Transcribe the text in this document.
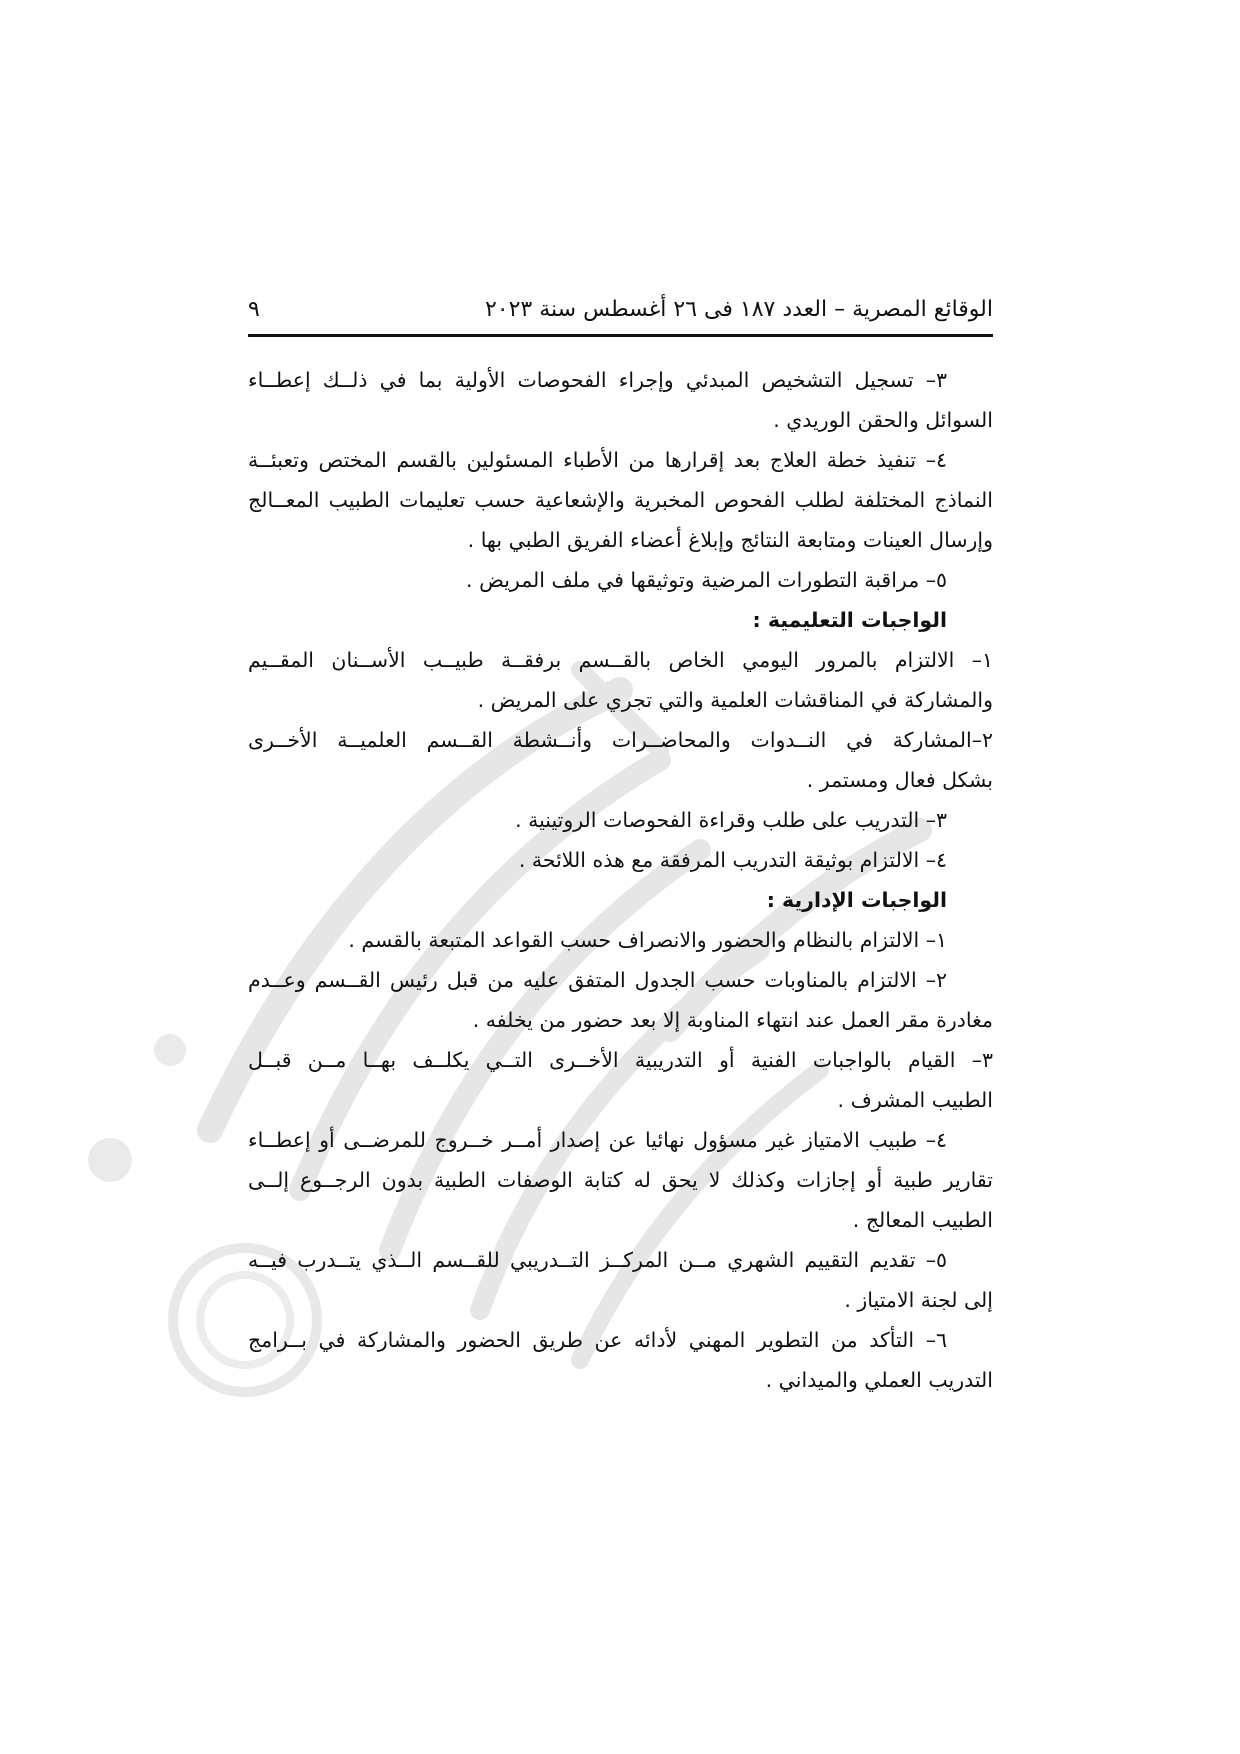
الوقائع المصرية – العدد ١٨٧ فى ٢٦ أغسطس سنة ٢٠٢٣
٩
٣– تسجيل التشخيص المبدئي وإجراء الفحوصات الأولية بما في ذلــك إعطــاء
السوائل والحقن الوريدي .
٤– تنفيذ خطة العلاج بعد إقرارها من الأطباء المسئولين بالقسم المختص وتعبئــة
النماذج المختلفة لطلب الفحوص المخبرية والإشعاعية حسب تعليمات الطبيب المعــالج
وإرسال العينات ومتابعة النتائج وإبلاغ أعضاء الفريق الطبي بها .
٥– مراقبة التطورات المرضية وتوثيقها في ملف المريض .
الواجبات التعليمية :
١– الالتزام بالمرور اليومي الخاص بالقــسم برفقــة طبيــب الأســنان المقــيم
والمشاركة في المناقشات العلمية والتي تجري على المريض .
٢–المشاركة في النــدوات والمحاضــرات وأنــشطة القــسم العلميــة الأخــرى
بشكل فعال ومستمر .
٣– التدريب على طلب وقراءة الفحوصات الروتينية .
٤– الالتزام بوثيقة التدريب المرفقة مع هذه اللائحة .
الواجبات الإدارية :
١– الالتزام بالنظام والحضور والانصراف حسب القواعد المتبعة بالقسم .
٢– الالتزام بالمناوبات حسب الجدول المتفق عليه من قبل رئيس القــسم وعــدم
مغادرة مقر العمل عند انتهاء المناوبة إلا بعد حضور من يخلفه .
٣– القيام بالواجبات الفنية أو التدريبية الأخــرى التــي يكلــف بهــا مــن قبــل
الطبيب المشرف .
٤– طبيب الامتياز غير مسؤول نهائيا عن إصدار أمــر خــروج للمرضــى أو إعطــاء
تقارير طبية أو إجازات وكذلك لا يحق له كتابة الوصفات الطبية بدون الرجــوع إلــى
الطبيب المعالج .
٥– تقديم التقييم الشهري مــن المركــز التــدريبي للقــسم الــذي يتــدرب فيــه
إلى لجنة الامتياز .
٦– التأكد من التطوير المهني لأدائه عن طريق الحضور والمشاركة في بــرامج
التدريب العملي والميداني .
